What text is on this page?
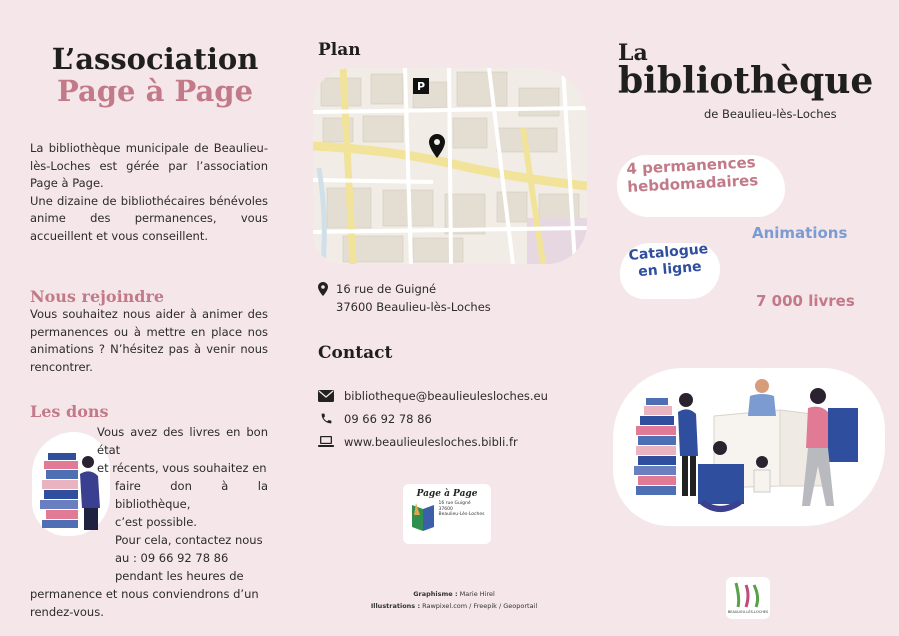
L’association
Page à Page

La bibliothèque municipale de Beaulieu-lès-Loches est gérée par l’association Page à Page.

Une dizaine de bibliothécaires bénévoles anime des permanences, vous accueillent et vous conseillent.

Nous rejoindre
Vous souhaitez nous aider à animer des permanences ou à mettre en place nos animations ? N’hésitez pas à venir nous rencontrer.
Les dons
Vous avez des livres en bon état
et récents, vous souhaitez en
faire don à la bibliothèque,
c’est possible.
Pour cela, contactez nous
au : 09 66 92 78 86
pendant les heures de
permanence et nous conviendrons d’un
rendez-vous.
Plan
P
16 rue de Guigné
37600 Beaulieu-lès-Loches
Contact
bibliotheque@beaulieulesloches.eu
09 66 92 78 86
www.beaulieulesloches.bibli.fr
Page à Page
16 rue Guigné
37600
Beaulieu-Lès-Loches
Graphisme : Marie Hirel
Illustrations : Rawpixel.com / Freepik / Geoportail
La
bibliothèque
de Beaulieu-lès-Loches
4 permanences
hebdomadaires
Animations
Catalogue
en ligne
7 000 livres
BEAULIEU-LÈS-LOCHES
